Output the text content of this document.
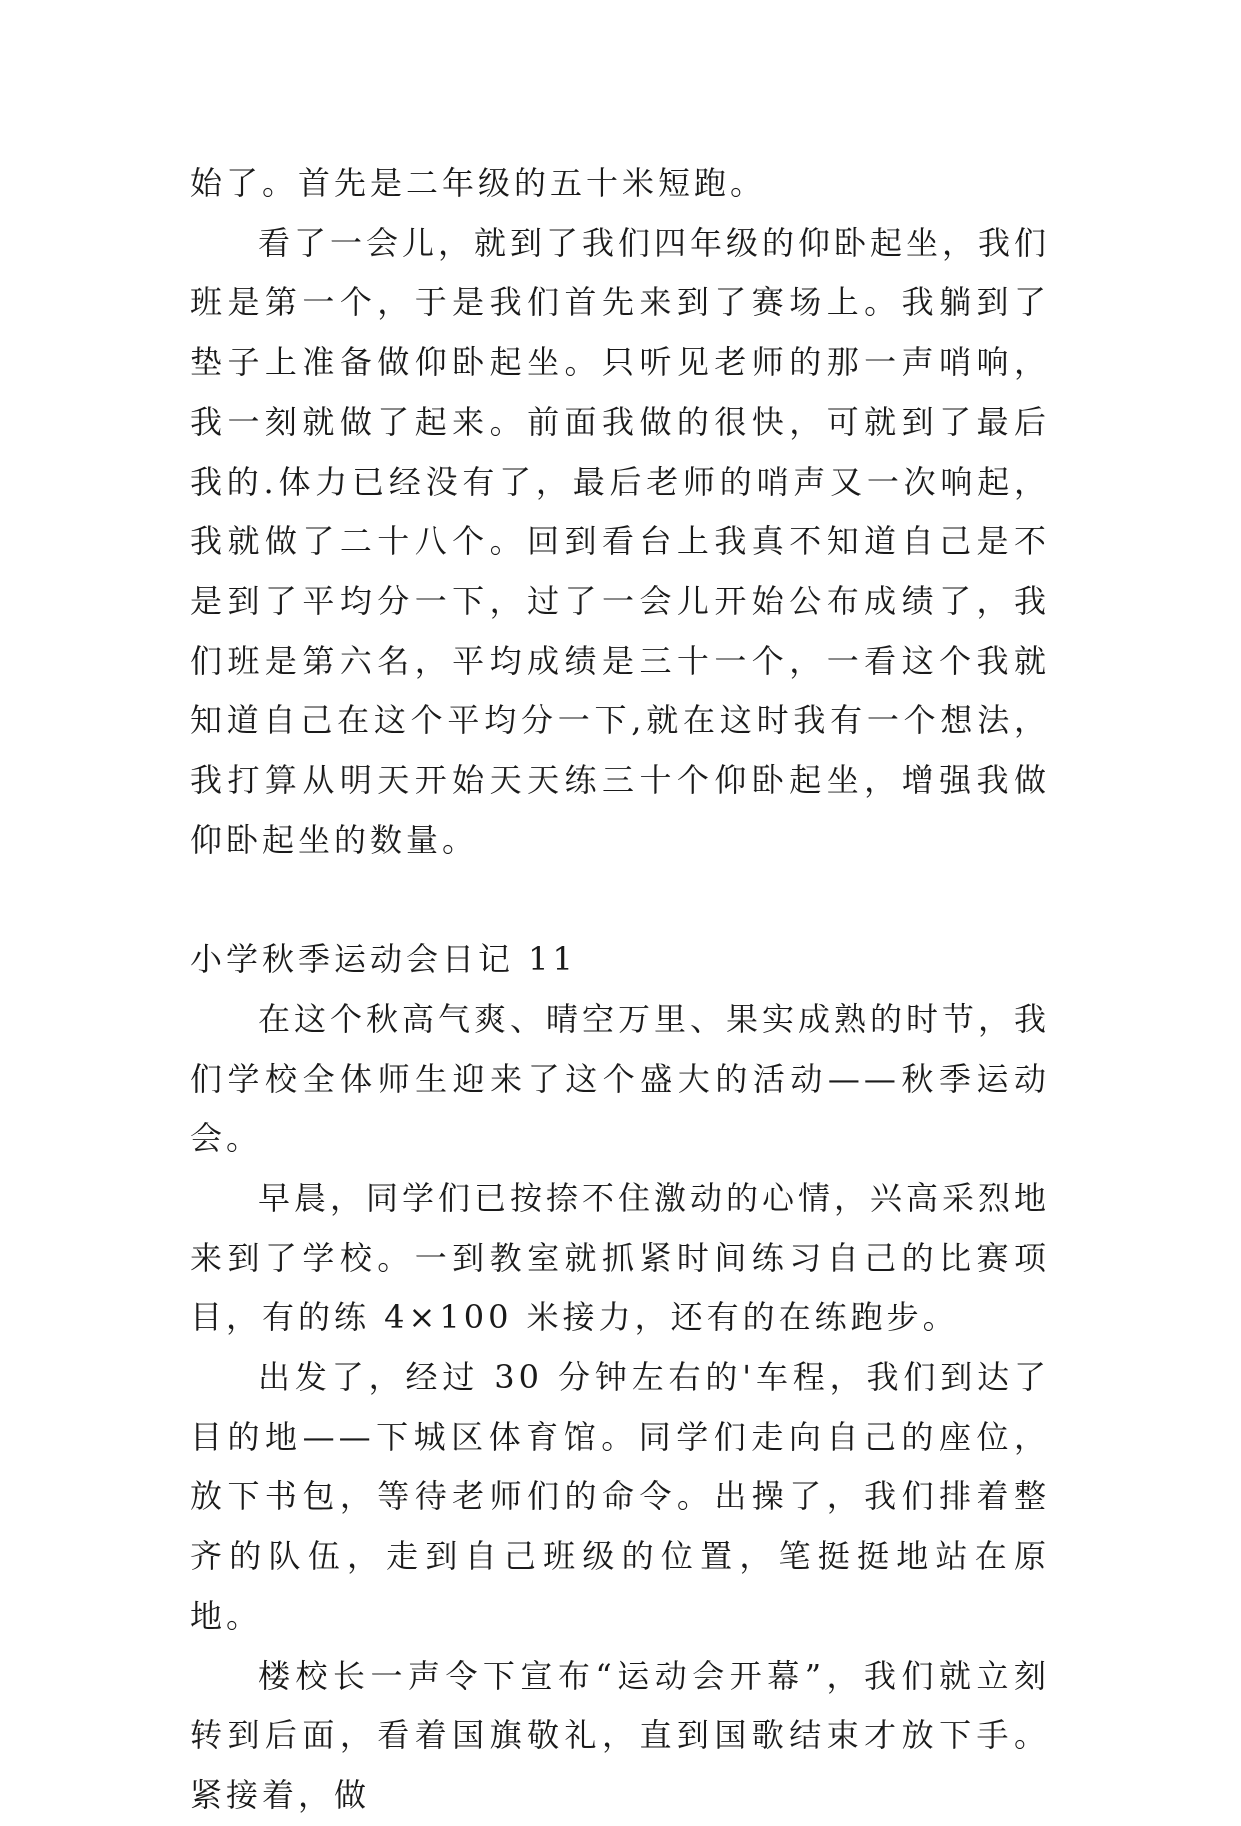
始了。首先是二年级的五十米短跑。

看了一会儿，就到了我们四年级的仰卧起坐，我们班是第一个，于是我们首先来到了赛场上。我躺到了垫子上准备做仰卧起坐。只听见老师的那一声哨响，我一刻就做了起来。前面我做的很快，可就到了最后我的.体力已经没有了，最后老师的哨声又一次响起，我就做了二十八个。回到看台上我真不知道自己是不是到了平均分一下，过了一会儿开始公布成绩了，我们班是第六名，平均成绩是三十一个，一看这个我就知道自己在这个平均分一下,就在这时我有一个想法，我打算从明天开始天天练三十个仰卧起坐，增强我做仰卧起坐的数量。

小学秋季运动会日记 11

在这个秋高气爽、晴空万里、果实成熟的时节，我们学校全体师生迎来了这个盛大的活动——秋季运动会。

早晨，同学们已按捺不住激动的心情，兴高采烈地来到了学校。一到教室就抓紧时间练习自己的比赛项目，有的练 4×100 米接力，还有的在练跑步。

出发了，经过 30 分钟左右的'车程，我们到达了目的地——下城区体育馆。同学们走向自己的座位，放下书包，等待老师们的命令。出操了，我们排着整齐的队伍，走到自己班级的位置，笔挺挺地站在原地。

楼校长一声令下宣布“运动会开幕”，我们就立刻转到后面，看着国旗敬礼，直到国歌结束才放下手。紧接着，做
